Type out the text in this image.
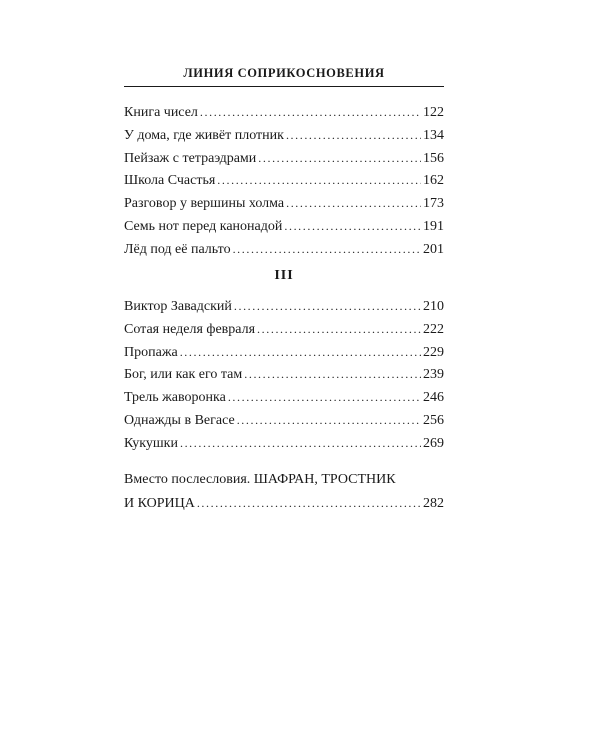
ЛИНИЯ СОПРИКОСНОВЕНИЯ
Книга чисел .....	122
У дома, где живёт плотник .....	134
Пейзаж с тетраэдрами .....	156
Школа Счастья .....	162
Разговор у вершины холма .....	173
Семь нот перед канонадой .....	191
Лёд под её пальто .....	201
III
Виктор Завадский .....	210
Сотая неделя февраля .....	222
Пропажа .....	229
Бог, или как его там .....	239
Трель жаворонка .....	246
Однажды в Вегасе .....	256
Кукушки .....	269
Вместо послесловия. ШАФРАН, ТРОСТНИК
И КОРИЦА .....	282
